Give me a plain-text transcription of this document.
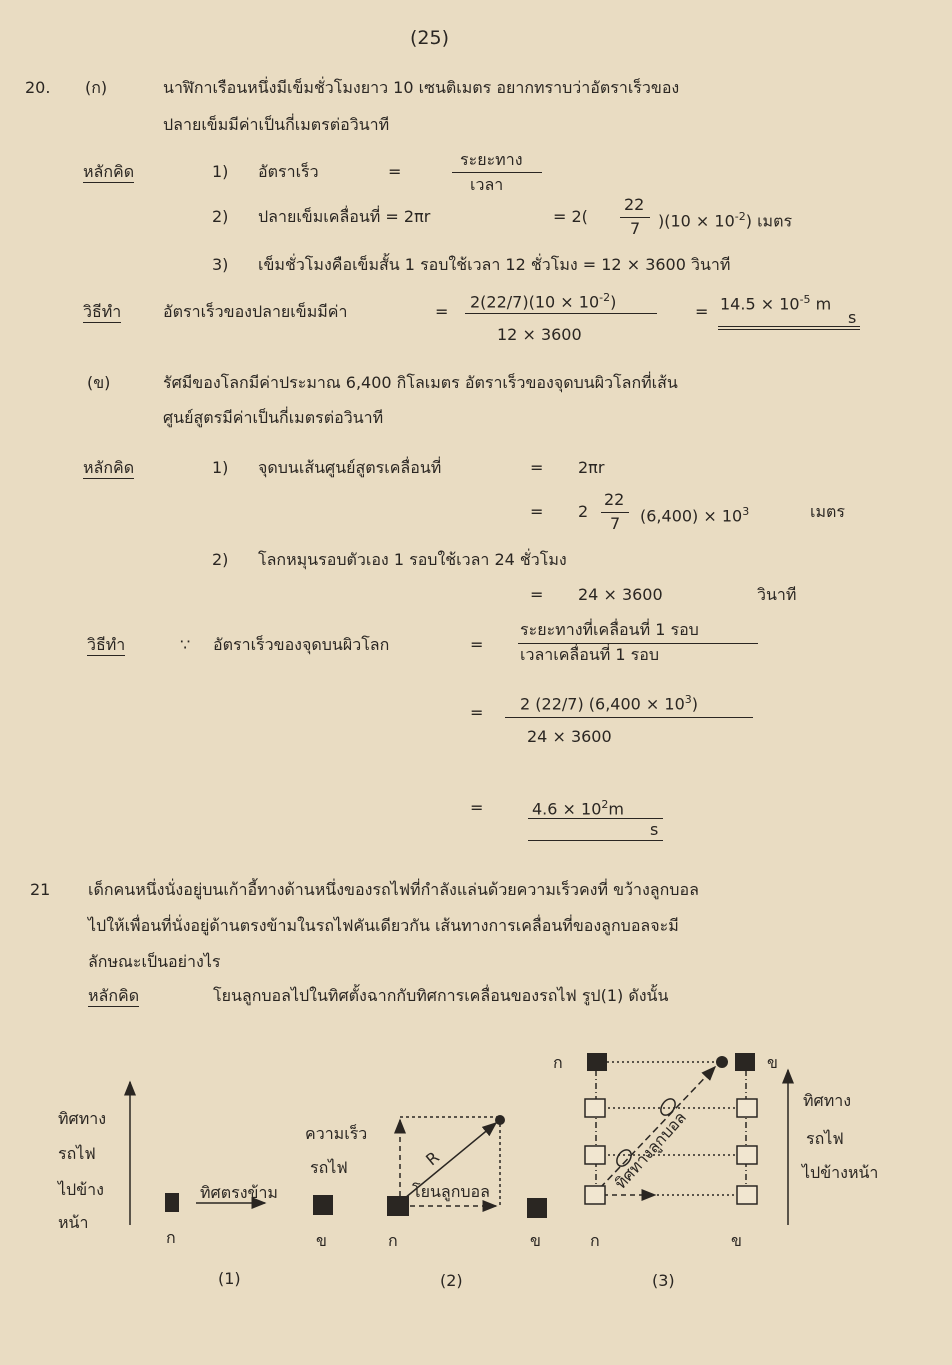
(25)
20. (ก)	นาฬิกาเรือนหนึ่งมีเข็มชั่วโมงยาว 10 เซนติเมตร อยากทราบว่าอัตราเร็วของ
ปลายเข็มมีค่าเป็นกี่เมตรต่อวินาที
หลักคิด	1) อัตราเร็ว	=
ระยะทาง
เวลา
2) ปลายเข็มเคลื่อนที่ = 2πr	= 2(
22
7 )$(10 \times 10^{-2})$ เมตร
3) เข็มชั่วโมงคือเข็มสั้น 1 รอบใช้เวลา 12 ชั่วโมง = 12 × 3600 วินาที
วิธีทำ	อัตราเร็วของปลายเข็มมีค่า	=
$2(22/7)(10 \times 10^{-2})$
12 × 3600
= $14.5 \times 10^{-5}$ m
s
(ข)	รัศมีของโลกมีค่าประมาณ 6,400 กิโลเมตร อัตราเร็วของจุดบนผิวโลกที่เส้น
ศูนย์สูตรมีค่าเป็นกี่เมตรต่อวินาที
หลักคิด	1) จุดบนเส้นศูนย์สูตรเคลื่อนที่	= 2πr
= 2
22
7 $(6,400) \times 10^3$	เมตร
2) โลกหมุนรอบตัวเอง 1 รอบใช้เวลา 24 ชั่วโมง
= 24 × 3600	วินาที
วิธีทำ	∵ อัตราเร็วของจุดบนผิวโลก	=
ระยะทางที่เคลื่อนที่ 1 รอบ
เวลาเคลื่อนที่ 1 รอบ
= 2 (22/7) $(6,400 \times 10^3)$
24 × 3600
=	$4.6 \times 10^2m$
s
21 เด็กคนหนึ่งนั่งอยู่บนเก้าอี้ทางด้านหนึ่งของรถไฟที่กำลังแล่นด้วยความเร็วคงที่ ขว้างลูกบอล
ไปให้เพื่อนที่นั่งอยู่ด้านตรงข้ามในรถไฟคันเดียวกัน เส้นทางการเคลื่อนที่ของลูกบอลจะมี
ลักษณะเป็นอย่างไร
หลักคิด	โยนลูกบอลไปในทิศตั้งฉากกับทิศการเคลื่อนของรถไฟ รูป(1) ดังนั้น
ทิศทาง
รถไฟ
ไปข้าง
หน้า
ทิศตรงข้าม
ก	ข
ความเร็ว
รถไฟ	R
โยนลูกบอล
ก	ข
ก	ข
ก	ข
ทิศทางลูกบอล
ทิศทาง
รถไฟ
ไปข้างหน้า
(1)	(2)	(3)
